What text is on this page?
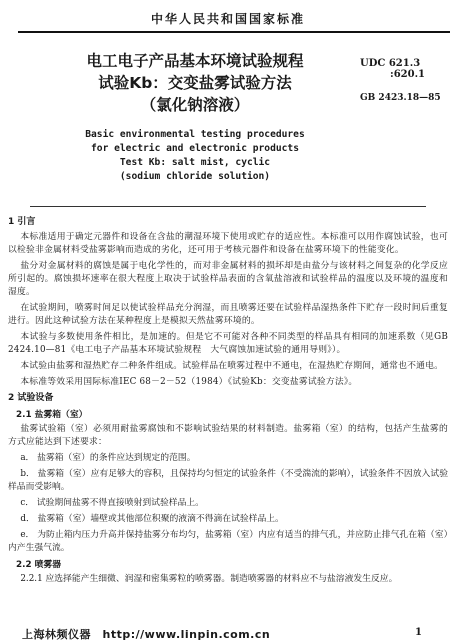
中华人民共和国国家标准
电工电子产品基本环境试验规程
试验Kb：交变盐雾试验方法
（氯化钠溶液）
UDC 621.3
:620.1
GB 2423.18—85
Basic environmental testing procedures
for electric and electronic products
Test Kb: salt mist, cyclic
(sodium chloride solution)
1 引言

本标准适用于确定元器件和设备在含盐的潮湿环境下使用或贮存的适应性。本标准可以用作腐蚀试验，也可以检验非金属材料受盐雾影响而造成的劣化，还可用于考核元器件和设备在盐雾环境下的性能变化。

盐分对金属材料的腐蚀是属于电化学性的，而对非金属材料的损坏却是由盐分与该材料之间复杂的化学反应所引起的。腐蚀损坏速率在很大程度上取决于试验样品表面的含氧盐溶液和试验样品的温度以及环境的温度和湿度。

在试验期间，喷雾时间足以使试验样品充分润湿，而且喷雾还要在试验样品湿热条件下贮存一段时间后重复进行。因此这种试验方法在某种程度上是模拟天然盐雾环境的。

本试验与多数使用条件相比，是加速的。但是它不可能对各种不同类型的样品具有相同的加速系数（见GB 2424.10—81《电工电子产品基本环境试验规程　大气腐蚀加速试验的通用导则》）。

本试验由盐雾和湿热贮存二种条件组成。试验样品在喷雾过程中不通电，在湿热贮存期间，通常也不通电。

本标准等效采用国际标准IEC 68－2－52（1984）《试验Kb：交变盐雾试验方法》。

2 试验设备
2.1 盐雾箱（室）

盐雾试验箱（室）必须用耐盐雾腐蚀和不影响试验结果的材料制造。盐雾箱（室）的结构，包括产生盐雾的方式应能达到下述要求：

a． 盐雾箱（室）的条件应达到规定的范围。

b． 盐雾箱（室）应有足够大的容积，且保持均匀恒定的试验条件（不受湍流的影响），试验条件不因放入试验样品而受影响。

c． 试验期间盐雾不得直接喷射到试验样品上。

d． 盐雾箱（室）墙壁或其他部位积聚的液滴不得滴在试验样品上。

e． 为防止箱内压力升高并保持盐雾分布均匀，盐雾箱（室）内应有适当的排气孔，并应防止排气孔在箱（室）内产生强气流。

2.2 喷雾器

2.2.1 应选择能产生细微、润湿和密集雾粒的喷雾器。制造喷雾器的材料应不与盐溶液发生反应。

上海林频仪器　http://www.linpin.com.cn	1
